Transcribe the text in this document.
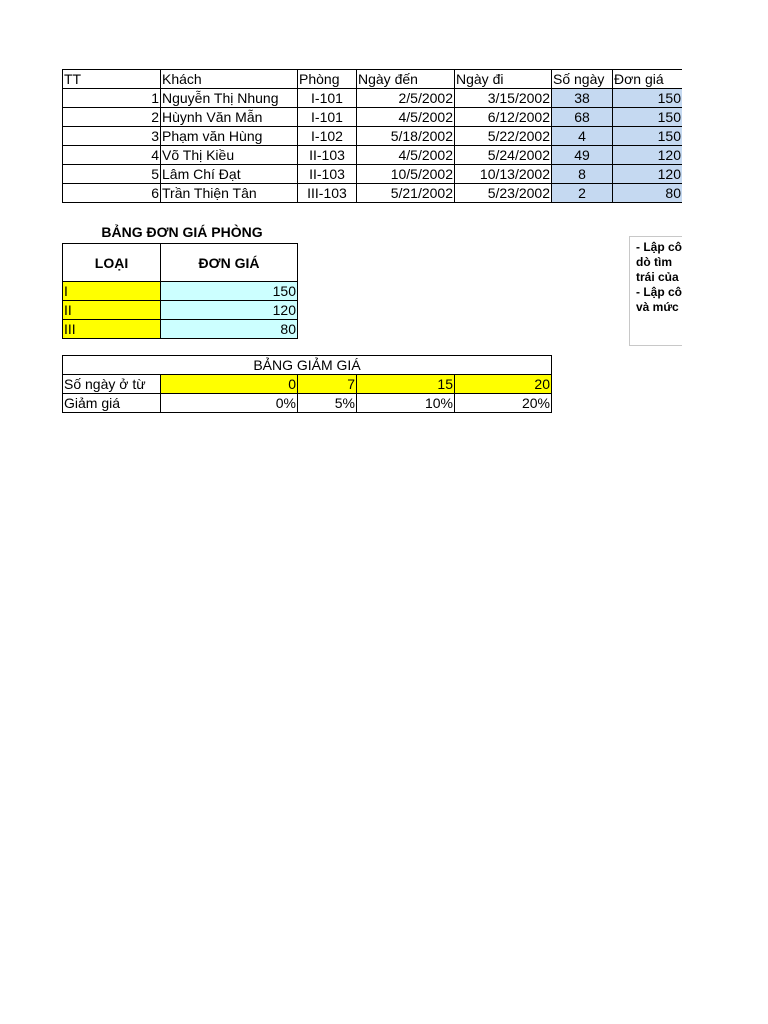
TT	Khách	Phòng	Ngày đến	Ngày đi	Số ngày	Đơn giá
1	Nguyễn Thị Nhung	I-101	2/5/2002	3/15/2002	38	150
2	Hùynh Văn Mẫn	I-101	4/5/2002	6/12/2002	68	150
3	Phạm văn Hùng	I-102	5/18/2002	5/22/2002	4	150
4	Võ Thị Kiều	II-103	4/5/2002	5/24/2002	49	120
5	Lâm Chí Đạt	II-103	10/5/2002	10/13/2002	8	120
6	Trần Thiện Tân	III-103	5/21/2002	5/23/2002	2	80
BẢNG ĐƠN GIÁ PHÒNG
LOẠI	ĐƠN GIÁ
I	150
II	120
III	80
BẢNG GIẢM GIÁ				
Số ngày ở từ	0	7	15	20
Giảm giá	0%	5%	10%	20%
- Lập cô
dò tìm
trái của
- Lập cô
và mức
